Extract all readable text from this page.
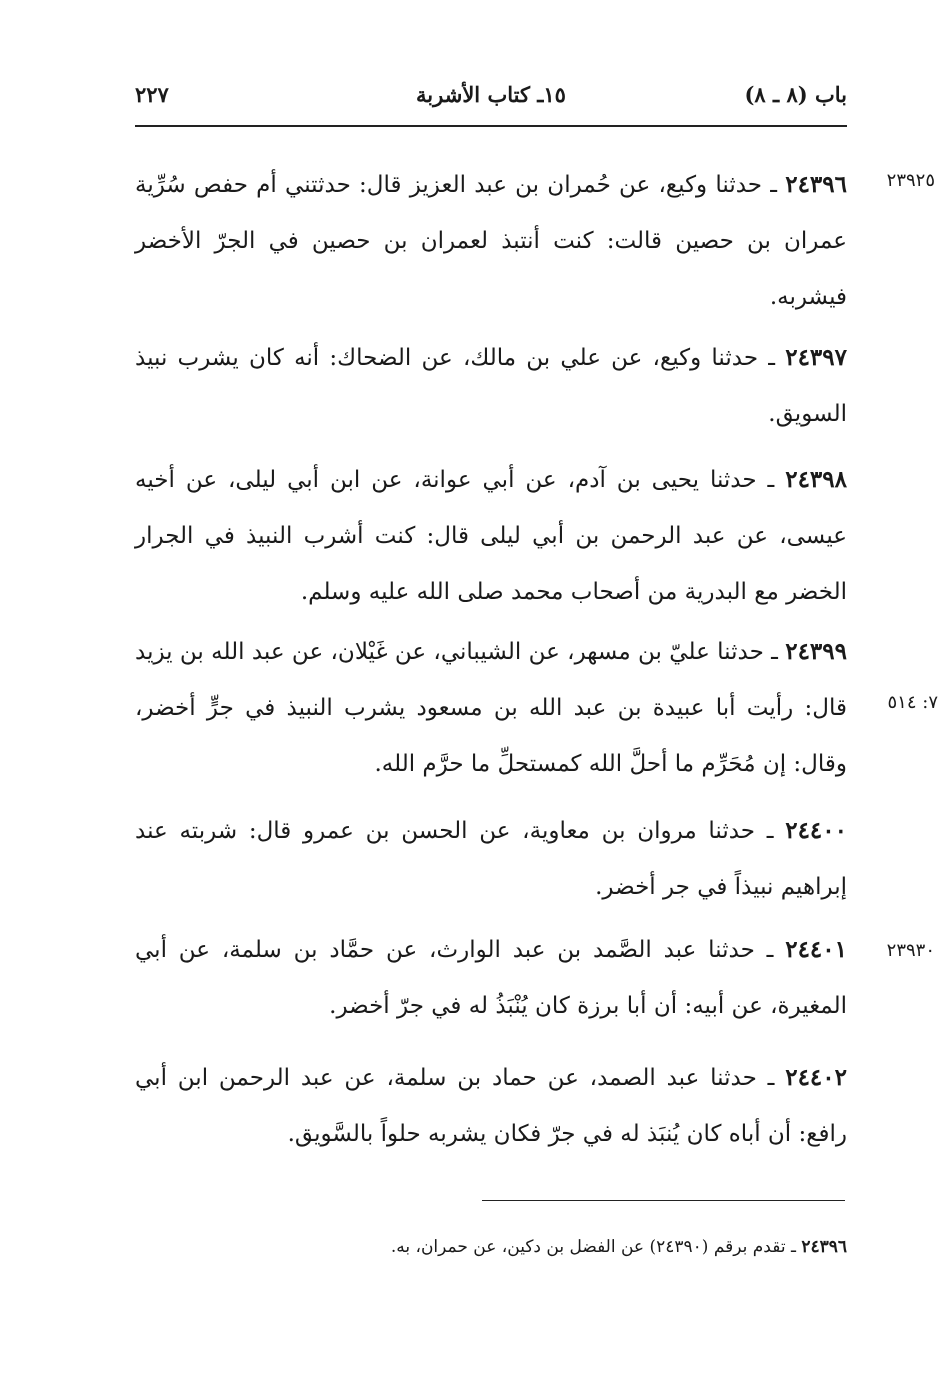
٢٢٧	١٥ـ كتاب الأشربة	باب (٨ ـ ٨)
٢٣٩٢٥
٧: ٥١٤
٢٣٩٣٠
٢٤٣٩٦ ـ حدثنا وكيع، عن حُمران بن عبد العزيز قال: حدثتني أم حفص سُرِّية عمران بن حصين قالت: كنت أنتبذ لعمران بن حصين في الجرّ الأخضر فيشربه.
٢٤٣٩٧ ـ حدثنا وكيع، عن علي بن مالك، عن الضحاك: أنه كان يشرب نبيذ السويق.
٢٤٣٩٨ ـ حدثنا يحيى بن آدم، عن أبي عوانة، عن ابن أبي ليلى، عن أخيه عيسى، عن عبد الرحمن بن أبي ليلى قال: كنت أشرب النبيذ في الجرار الخضر مع البدرية من أصحاب محمد صلى الله عليه وسلم.
٢٤٣٩٩ ـ حدثنا عليّ بن مسهر، عن الشيباني، عن غَيْلان، عن عبد الله بن يزيد قال: رأيت أبا عبيدة بن عبد الله بن مسعود يشرب النبيذ في جرٍّ أخضر، وقال: إن مُحَرِّم ما أحلَّ الله كمستحلِّ ما حرَّم الله.
٢٤٤٠٠ ـ حدثنا مروان بن معاوية، عن الحسن بن عمرو قال: شربته عند إبراهيم نبيذاً في جر أخضر.
٢٤٤٠١ ـ حدثنا عبد الصَّمد بن عبد الوارث، عن حمَّاد بن سلمة، عن أبي المغيرة، عن أبيه: أن أبا برزة كان يُنْبَذُ له في جرّ أخضر.
٢٤٤٠٢ ـ حدثنا عبد الصمد، عن حماد بن سلمة، عن عبد الرحمن ابن أبي رافع: أن أباه كان يُنبَذ له في جرّ فكان يشربه حلواً بالسَّويق.
٢٤٣٩٦ ـ تقدم برقم (٢٤٣٩٠) عن الفضل بن دكين، عن حمران، به.
